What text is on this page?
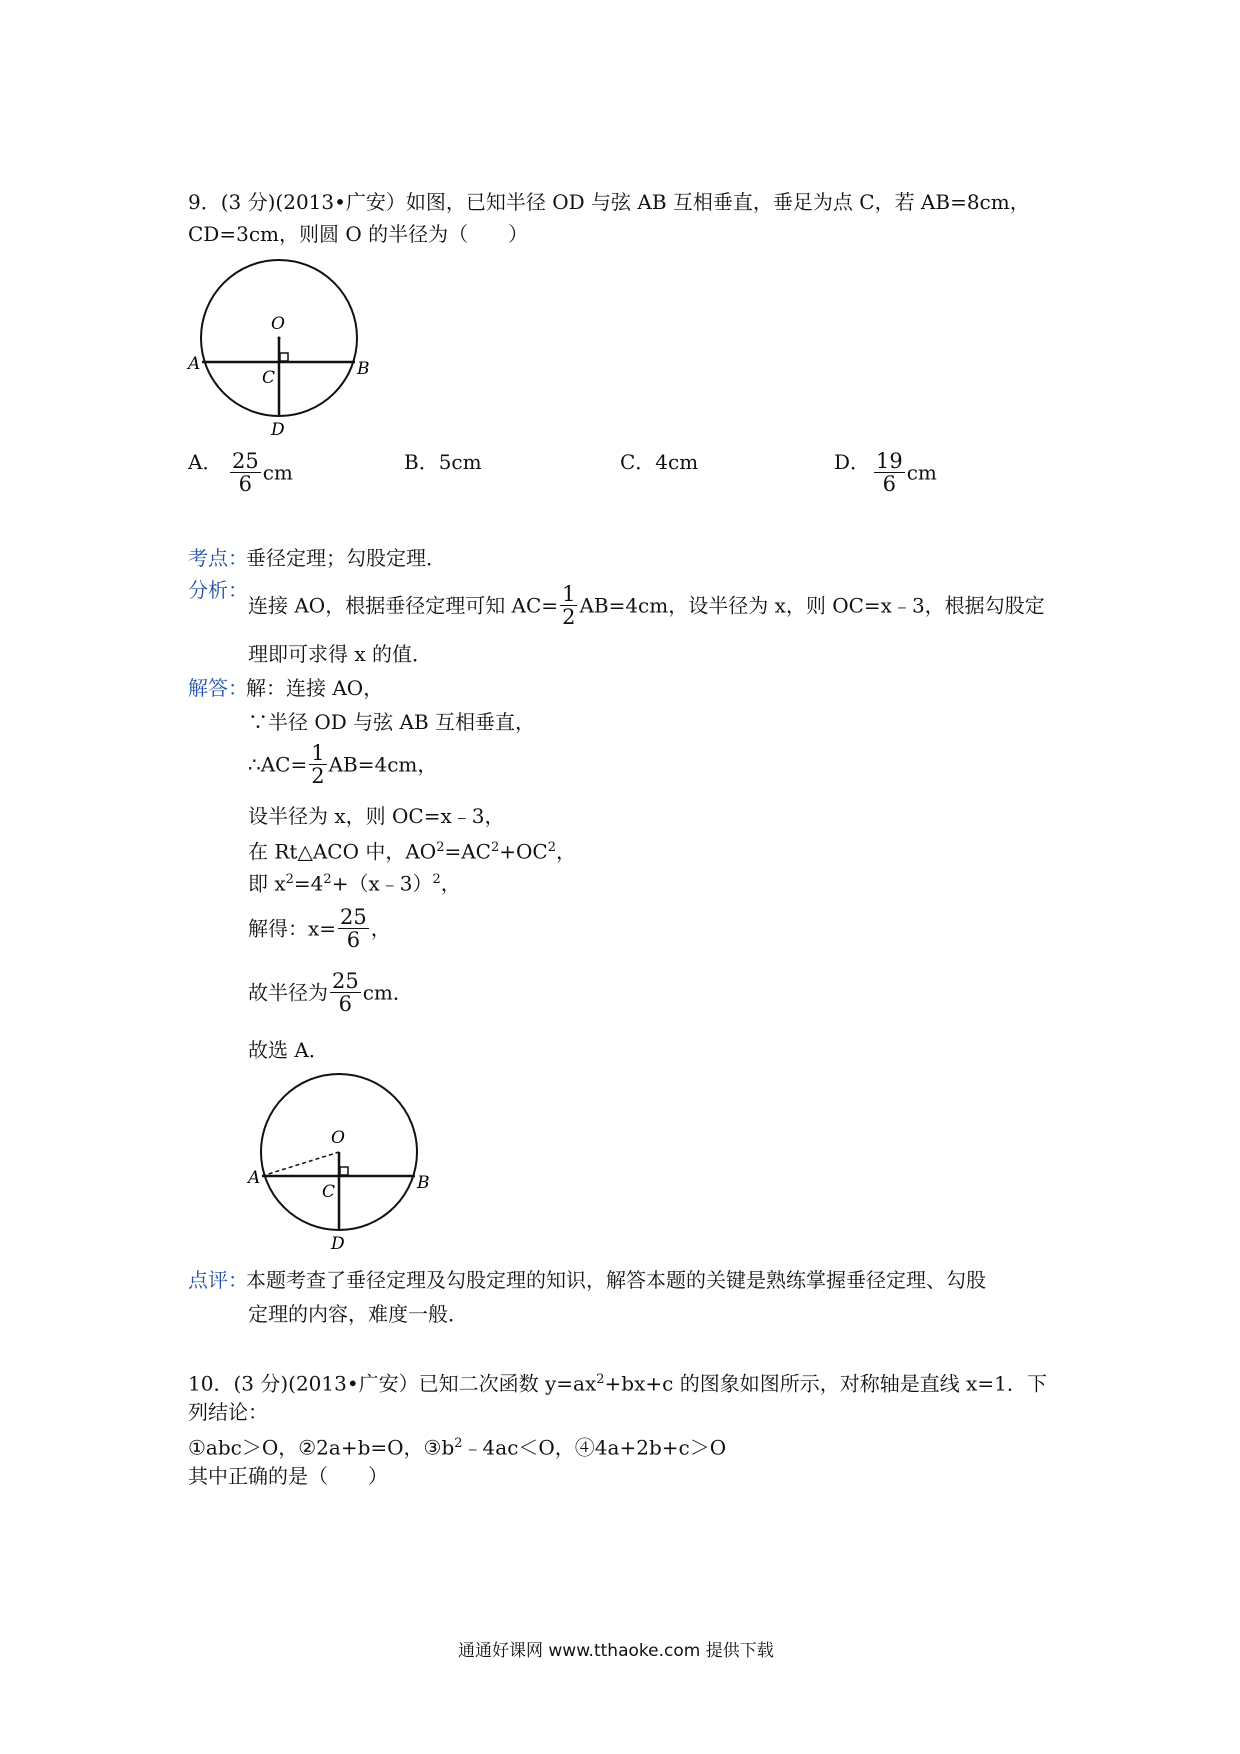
9．(3 分)(2013•广安）如图，已知半径 OD 与弦 AB 互相垂直，垂足为点 C，若 AB=8cm，
CD=3cm，则圆 O 的半径为（　　）
O
A	B
C
D
A． $\frac{25}{6}$ cm	B．5cm	C．4cm	D． $\frac{19}{6}$ cm
考点：
垂径定理；勾股定理．
分析：
连接 AO，根据垂径定理可知 $AC= \frac{1}{2} AB=4cm$，设半径为 x，则 OC=x﹣3，根据勾股定
理即可求得 x 的值．
解答：
解：连接 AO，
∵半径 OD 与弦 AB 互相垂直，
∴AC= $\frac{1}{2} AB=4cm$，
设半径为 x，则 OC=x﹣3，
在 Rt△ACO 中，$AO^2=AC^2+OC^2$，
即 $x^2=4^2+(x﹣3)^2$，
解得：$x= \frac{25}{6}$ ，
故半径为 $\frac{25}{6}$ cm．
故选 A．
O
A	B
C
D
点评：
本题考查了垂径定理及勾股定理的知识，解答本题的关键是熟练掌握垂径定理、勾股
定理的内容，难度一般．
10．(3 分)(2013•广安）已知二次函数 $y=ax^2+bx+c$ 的图象如图所示，对称轴是直线 x=1．下
列结论：
①abc＞O，②2a+b=O，$③b^2﹣4ac<O$，④4a+2b+c＞O
其中正确的是（　　）
通通好课网 www.tthaoke.com 提供下载
